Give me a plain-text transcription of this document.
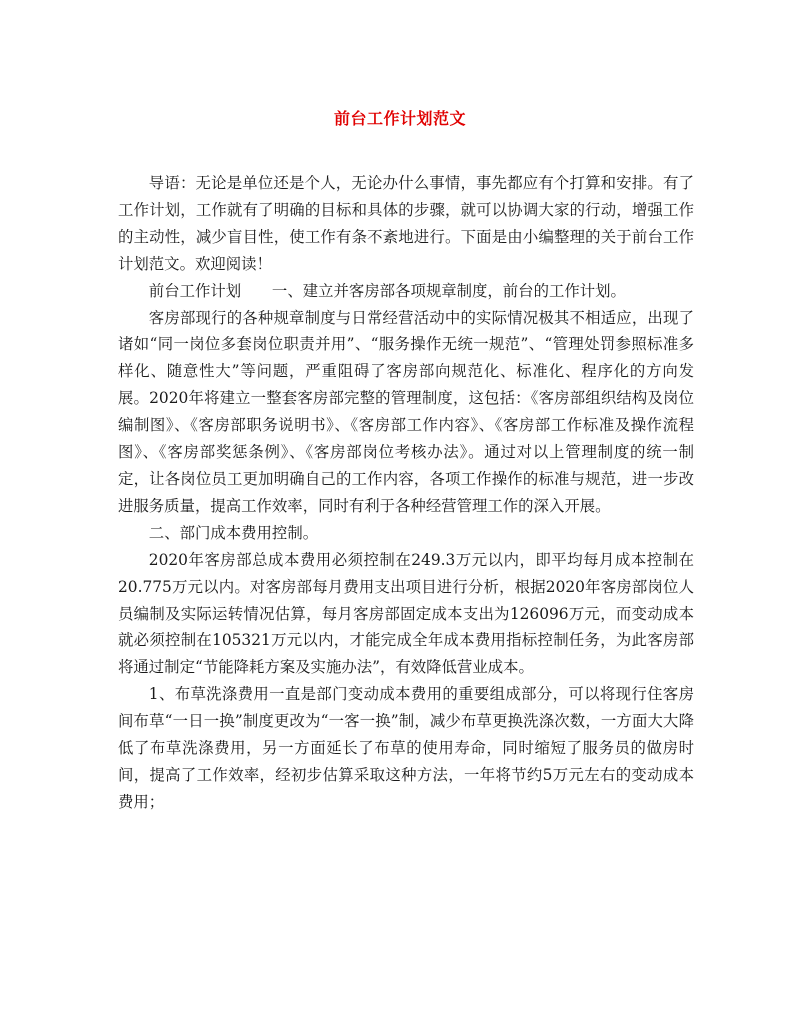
前台工作计划范文

导语：无论是单位还是个人，无论办什么事情，事先都应有个打算和安排。有了工作计划，工作就有了明确的目标和具体的步骤，就可以协调大家的行动，增强工作的主动性，减少盲目性，使工作有条不紊地进行。下面是由小编整理的关于前台工作计划范文。欢迎阅读！

前台工作计划　　一、建立并客房部各项规章制度，前台的工作计划。

客房部现行的各种规章制度与日常经营活动中的实际情况极其不相适应，出现了诸如“同一岗位多套岗位职责并用”、“服务操作无统一规范”、“管理处罚参照标准多样化、随意性大”等问题，严重阻碍了客房部向规范化、标准化、程序化的方向发展。2020年将建立一整套客房部完整的管理制度，这包括：《客房部组织结构及岗位编制图》、《客房部职务说明书》、《客房部工作内容》、《客房部工作标准及操作流程图》、《客房部奖惩条例》、《客房部岗位考核办法》。通过对以上管理制度的统一制定，让各岗位员工更加明确自己的工作内容，各项工作操作的标准与规范，进一步改进服务质量，提高工作效率，同时有利于各种经营管理工作的深入开展。

二、部门成本费用控制。

2020年客房部总成本费用必须控制在249.3万元以内，即平均每月成本控制在20.775万元以内。对客房部每月费用支出项目进行分析，根据2020年客房部岗位人员编制及实际运转情况估算，每月客房部固定成本支出为126096万元，而变动成本就必须控制在105321万元以内，才能完成全年成本费用指标控制任务，为此客房部将通过制定“节能降耗方案及实施办法”，有效降低营业成本。

1、布草洗涤费用一直是部门变动成本费用的重要组成部分，可以将现行住客房间布草“一日一换”制度更改为“一客一换”制，减少布草更换洗涤次数，一方面大大降低了布草洗涤费用，另一方面延长了布草的使用寿命，同时缩短了服务员的做房时间，提高了工作效率，经初步估算采取这种方法，一年将节约5万元左右的变动成本费用；
